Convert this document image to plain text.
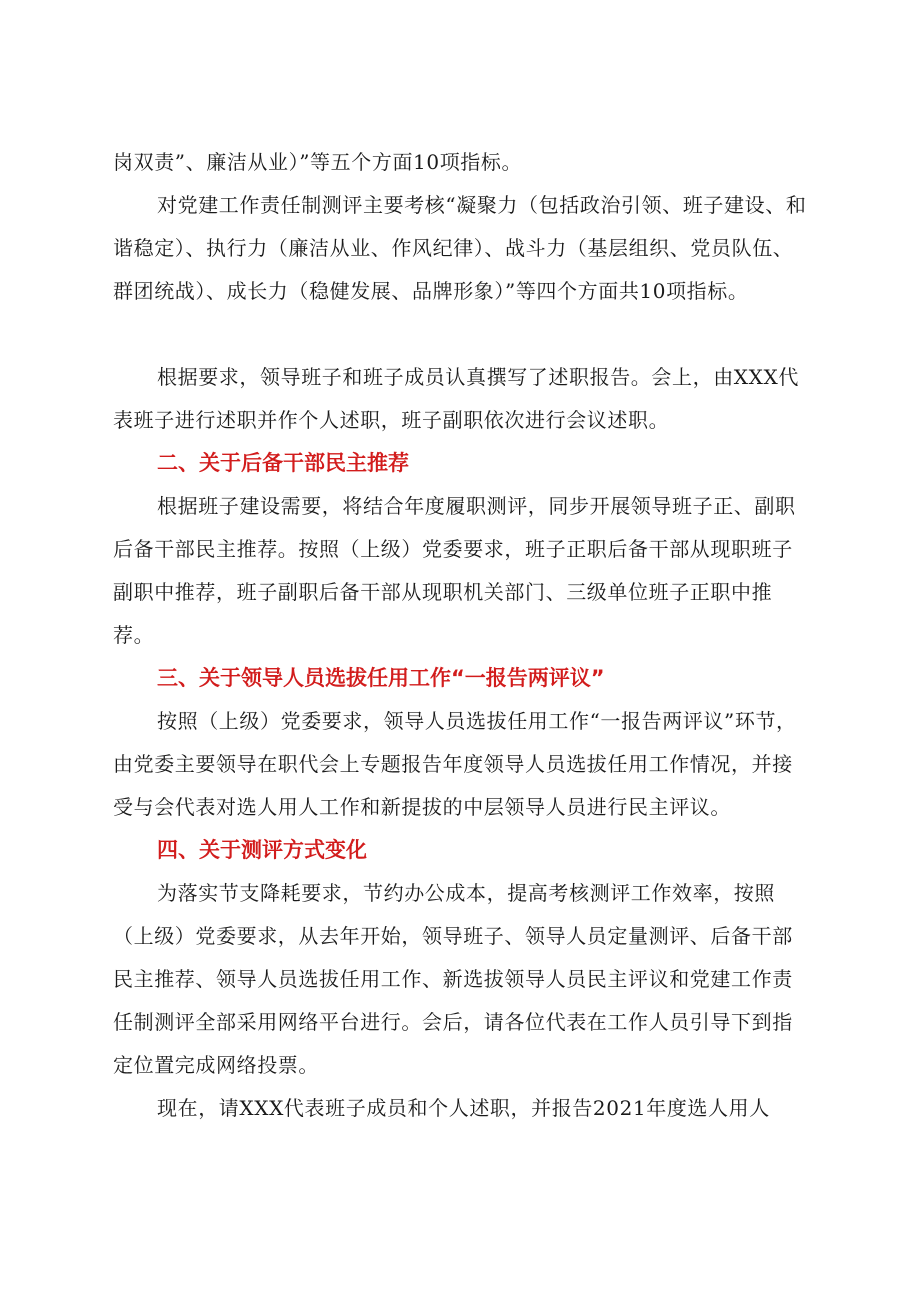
岗双责”、廉洁从业）”等五个方面10项指标。

对党建工作责任制测评主要考核“凝聚力（包括政治引领、班子建设、和谐稳定）、执行力（廉洁从业、作风纪律）、战斗力（基层组织、党员队伍、群团统战）、成长力（稳健发展、品牌形象）”等四个方面共10项指标。

根据要求，领导班子和班子成员认真撰写了述职报告。会上，由XXX代表班子进行述职并作个人述职，班子副职依次进行会议述职。

二、关于后备干部民主推荐

根据班子建设需要，将结合年度履职测评，同步开展领导班子正、副职后备干部民主推荐。按照（上级）党委要求，班子正职后备干部从现职班子副职中推荐，班子副职后备干部从现职机关部门、三级单位班子正职中推荐。

三、关于领导人员选拔任用工作“一报告两评议”

按照（上级）党委要求，领导人员选拔任用工作“一报告两评议”环节，由党委主要领导在职代会上专题报告年度领导人员选拔任用工作情况，并接受与会代表对选人用人工作和新提拔的中层领导人员进行民主评议。

四、关于测评方式变化

为落实节支降耗要求，节约办公成本，提高考核测评工作效率，按照（上级）党委要求，从去年开始，领导班子、领导人员定量测评、后备干部民主推荐、领导人员选拔任用工作、新选拔领导人员民主评议和党建工作责任制测评全部采用网络平台进行。会后，请各位代表在工作人员引导下到指定位置完成网络投票。

现在，请XXX代表班子成员和个人述职，并报告2021年度选人用人
